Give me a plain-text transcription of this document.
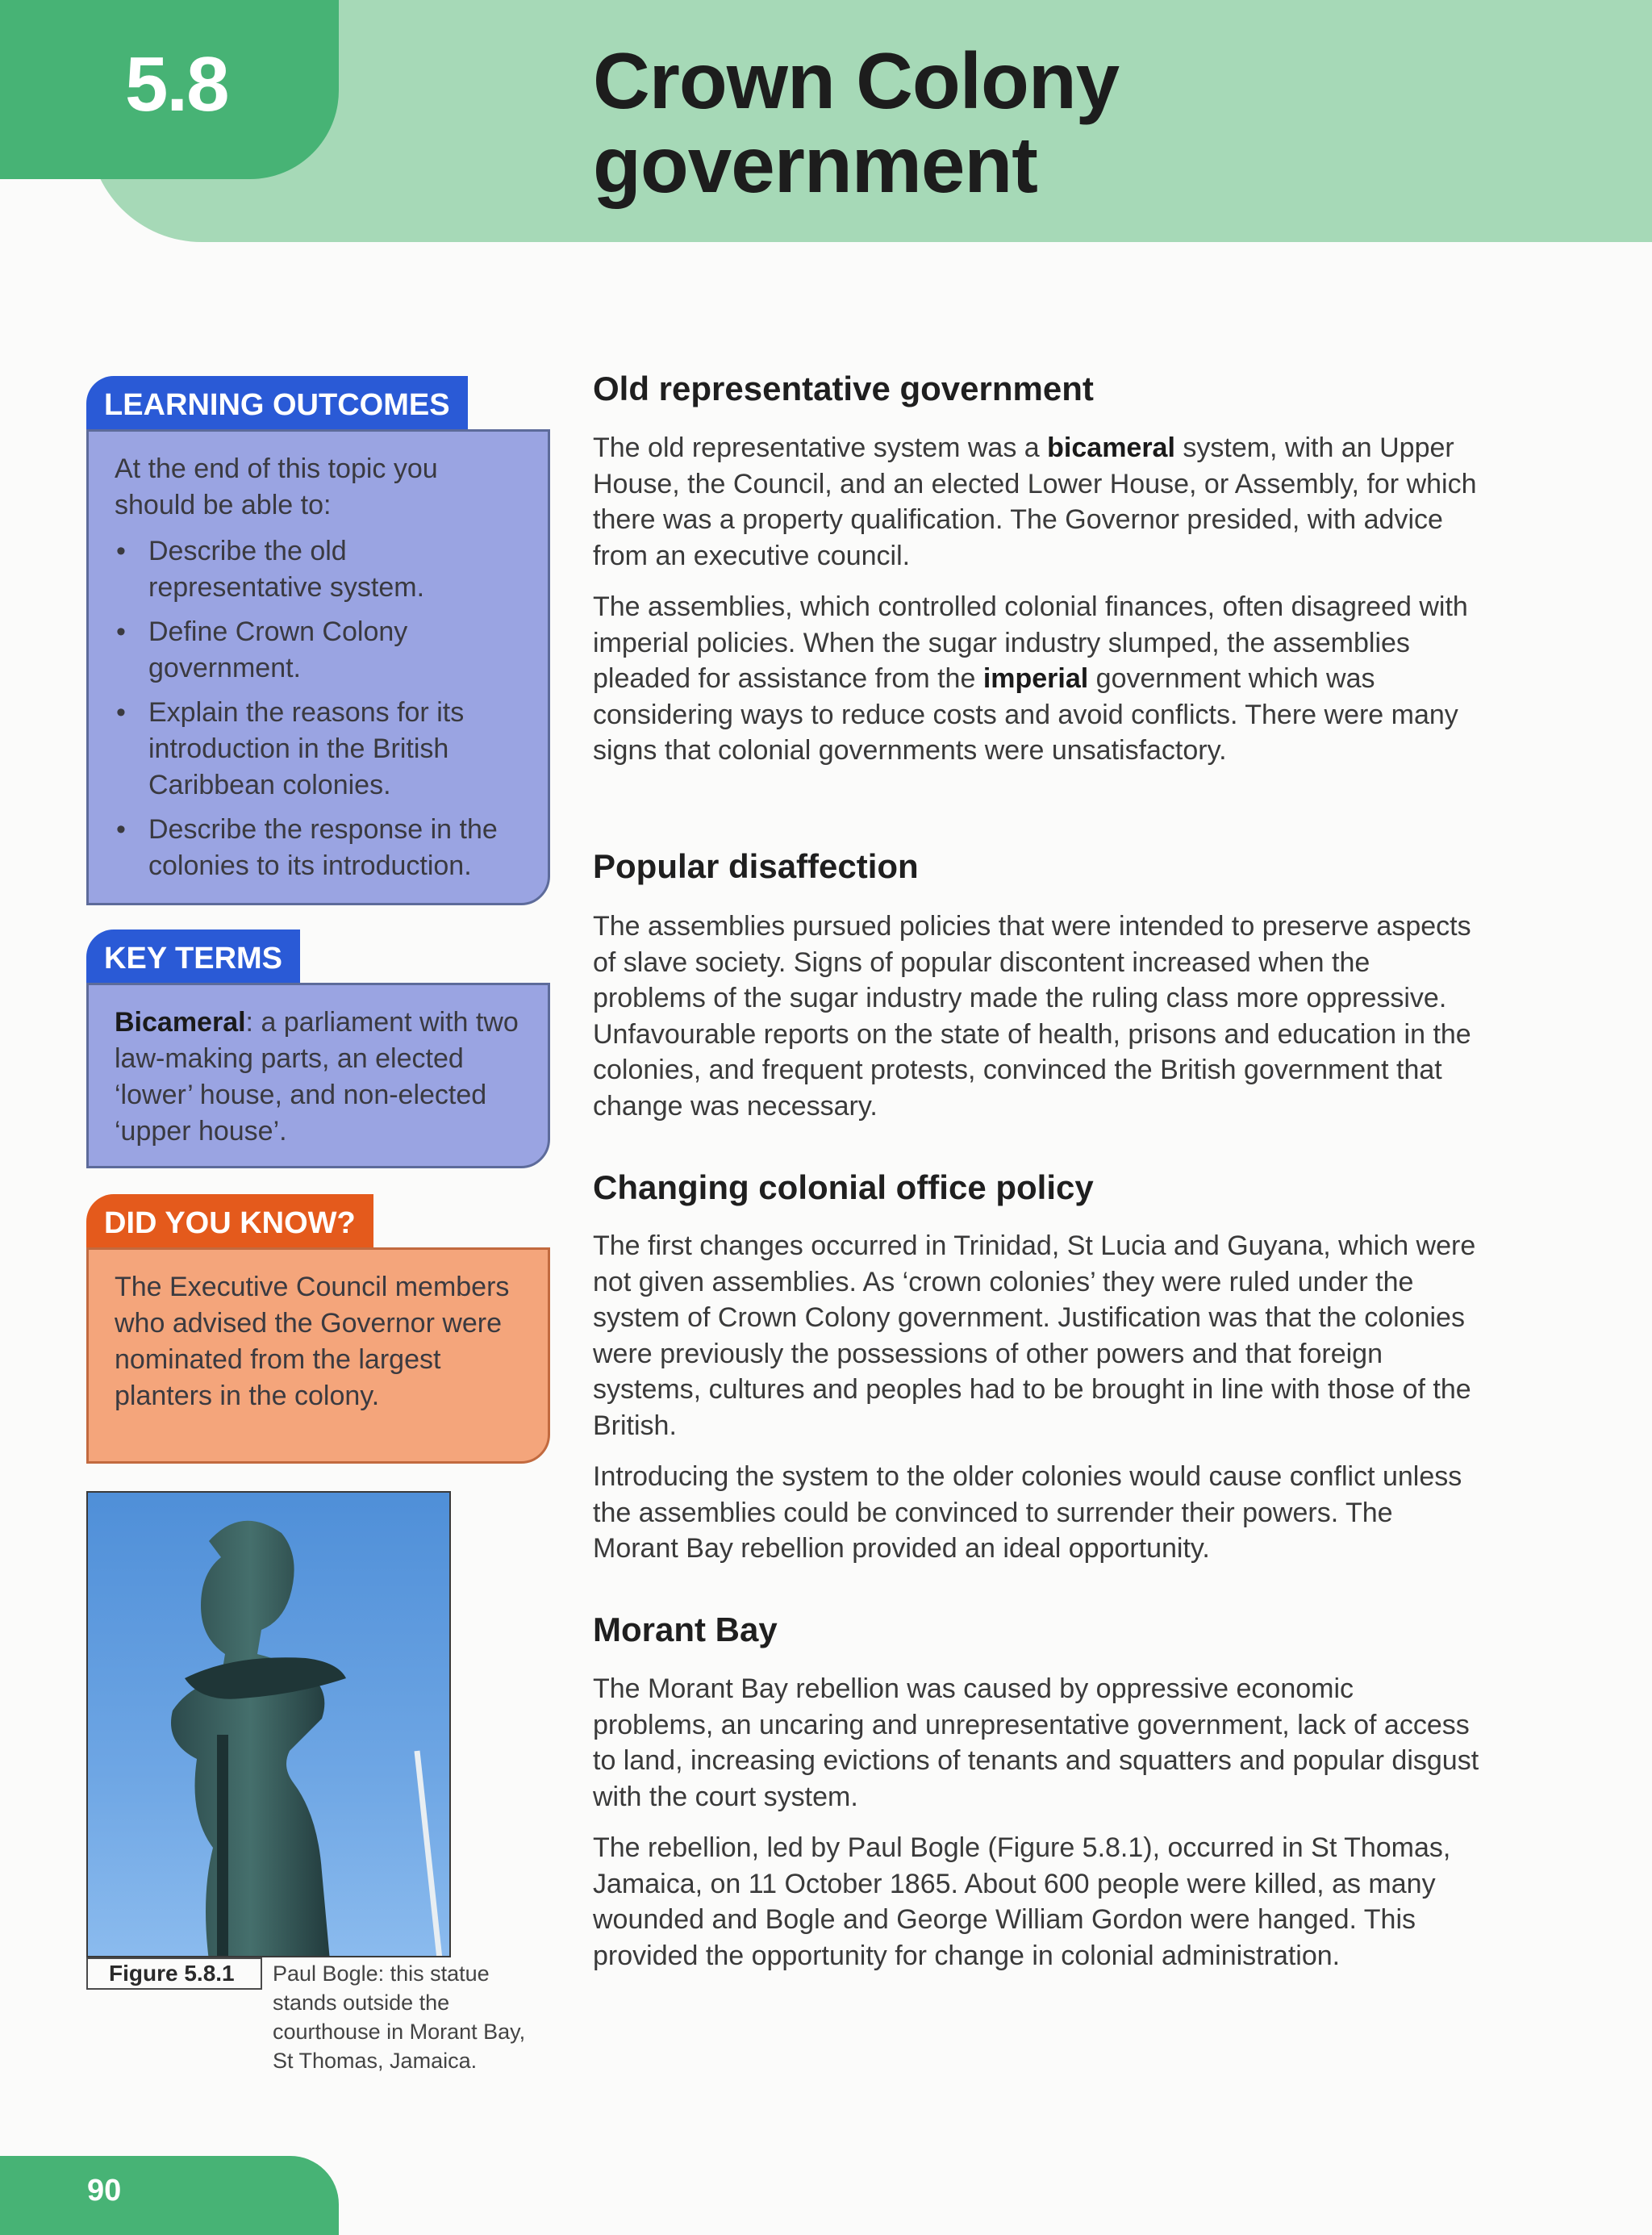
5.8	Crown Colony
government
LEARNING OUTCOMES

At the end of this topic you should be able to:

• Describe the old representative system.
• Define Crown Colony government.
• Explain the reasons for its introduction in the British Caribbean colonies.
• Describe the response in the colonies to its introduction.
KEY TERMS
Bicameral: a parliament with two law-making parts, an elected ‘lower’ house, and non-elected ‘upper house’.
DID YOU KNOW?
The Executive Council members who advised the Governor were nominated from the largest planters in the colony.
Figure 5.8.1	Paul Bogle: this statue stands outside the courthouse in Morant Bay, St Thomas, Jamaica.
Old representative government

The old representative system was a bicameral system, with an Upper House, the Council, and an elected Lower House, or Assembly, for which there was a property qualification. The Governor presided, with advice from an executive council.

The assemblies, which controlled colonial finances, often disagreed with imperial policies. When the sugar industry slumped, the assemblies pleaded for assistance from the imperial government which was considering ways to reduce costs and avoid conflicts. There were many signs that colonial governments were unsatisfactory.

Popular disaffection

The assemblies pursued policies that were intended to preserve aspects of slave society. Signs of popular discontent increased when the problems of the sugar industry made the ruling class more oppressive. Unfavourable reports on the state of health, prisons and education in the colonies, and frequent protests, convinced the British government that change was necessary.

Changing colonial office policy

The first changes occurred in Trinidad, St Lucia and Guyana, which were not given assemblies. As ‘crown colonies’ they were ruled under the system of Crown Colony government. Justification was that the colonies were previously the possessions of other powers and that foreign systems, cultures and peoples had to be brought in line with those of the British.

Introducing the system to the older colonies would cause conflict unless the assemblies could be convinced to surrender their powers. The Morant Bay rebellion provided an ideal opportunity.

Morant Bay

The Morant Bay rebellion was caused by oppressive economic problems, an uncaring and unrepresentative government, lack of access to land, increasing evictions of tenants and squatters and popular disgust with the court system.

The rebellion, led by Paul Bogle (Figure 5.8.1), occurred in St Thomas, Jamaica, on 11 October 1865. About 600 people were killed, as many wounded and Bogle and George William Gordon were hanged. This provided the opportunity for change in colonial administration.

90
